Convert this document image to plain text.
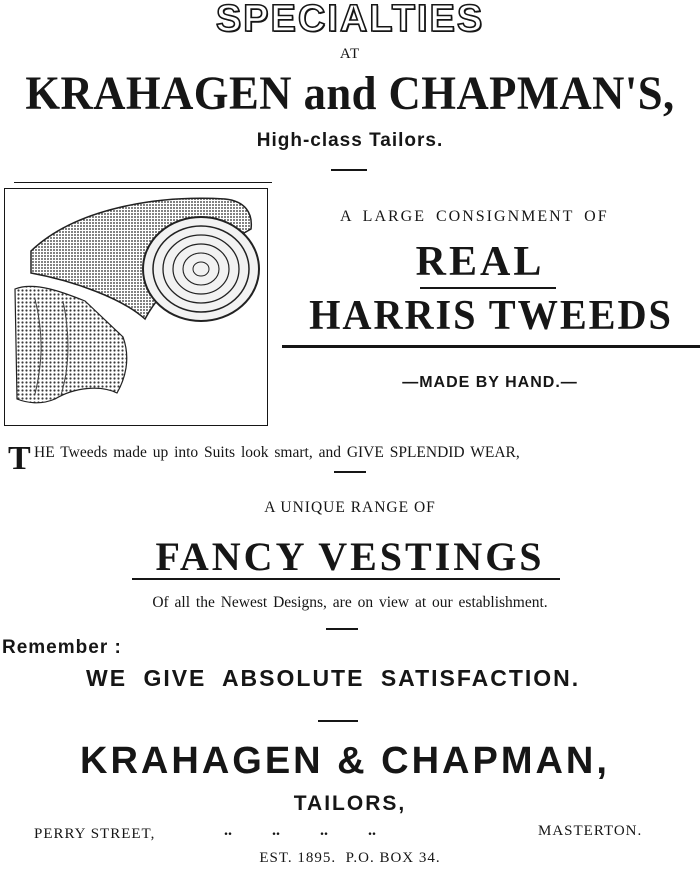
SPECIALTIES
AT
KRAHAGEN and CHAPMAN'S,
High-class Tailors.
A LARGE CONSIGNMENT OF
REAL
HARRIS TWEEDS
—MADE BY HAND.—
T HE Tweeds made up into Suits look smart, and GIVE SPLENDID WEAR,
A UNIQUE RANGE OF
FANCY VESTINGS
Of all the Newest Designs, are on view at our establishment.
Remember :
WE GIVE ABSOLUTE SATISFACTION.
KRAHAGEN & CHAPMAN,
TAILORS,
PERRY STREET,	..          ..          ..          ..	MASTERTON.
EST. 1895.  P.O. BOX 34.
